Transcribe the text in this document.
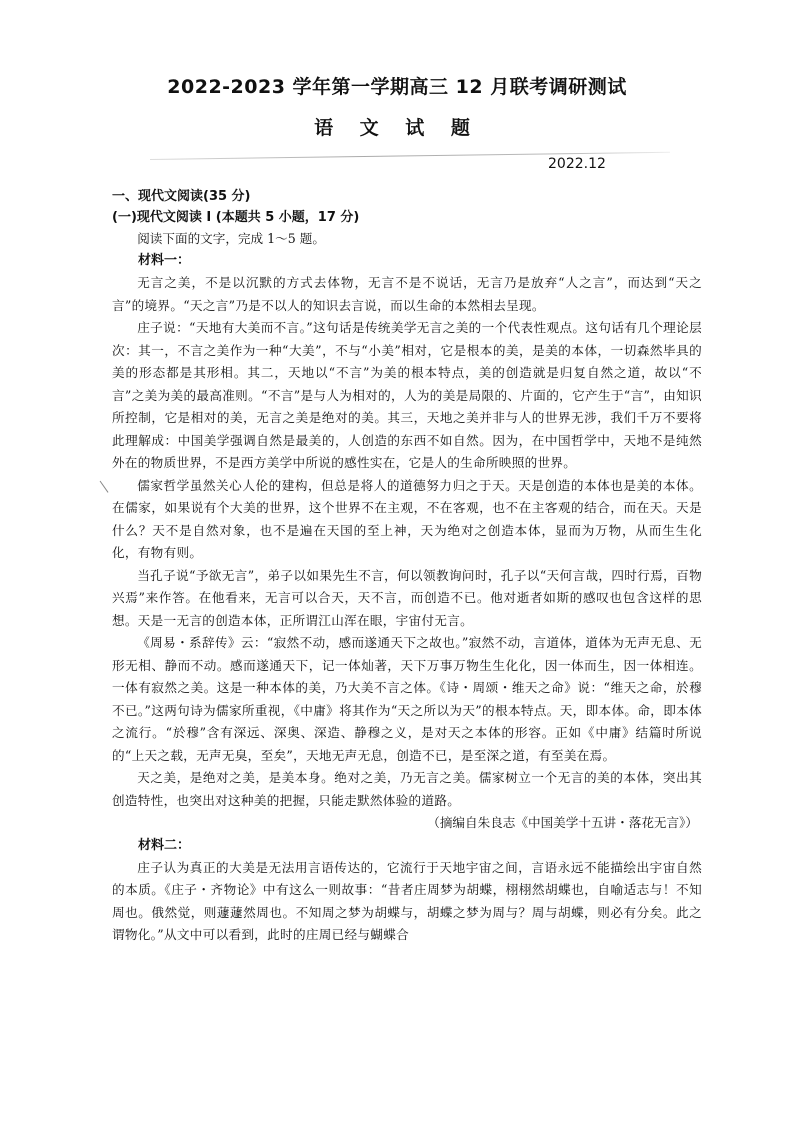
2022-2023 学年第一学期高三 12 月联考调研测试
语 文 试 题
2022.12

一、现代文阅读(35 分)

(一)现代文阅读 I (本题共 5 小题，17 分)

阅读下面的文字，完成 1～5 题。

材料一：

无言之美，不是以沉默的方式去体物，无言不是不说话，无言乃是放弃“人之言”，而达到“天之言”的境界。“天之言”乃是不以人的知识去言说，而以生命的本然相去呈现。

庄子说：“天地有大美而不言。”这句话是传统美学无言之美的一个代表性观点。这句话有几个理论层次：其一，不言之美作为一种“大美”，不与“小美”相对，它是根本的美，是美的本体，一切森然毕具的美的形态都是其形相。其二，天地以“不言”为美的根本特点，美的创造就是归复自然之道，故以“不言”之美为美的最高准则。“不言”是与人为相对的，人为的美是局限的、片面的，它产生于“言”，由知识所控制，它是相对的美，无言之美是绝对的美。其三，天地之美并非与人的世界无涉，我们千万不要将此理解成：中国美学强调自然是最美的，人创造的东西不如自然。因为，在中国哲学中，天地不是纯然外在的物质世界，不是西方美学中所说的感性实在，它是人的生命所映照的世界。

儒家哲学虽然关心人伦的建构，但总是将人的道德努力归之于天。天是创造的本体也是美的本体。在儒家，如果说有个大美的世界，这个世界不在主观，不在客观，也不在主客观的结合，而在天。天是什么？天不是自然对象，也不是遍在天国的至上神，天为绝对之创造本体，显而为万物，从而生生化化，有物有则。

当孔子说“予欲无言”，弟子以如果先生不言，何以领教询问时，孔子以“天何言哉，四时行焉，百物兴焉”来作答。在他看来，无言可以合天，天不言，而创造不已。他对逝者如斯的感叹也包含这样的思想。天是一无言的创造本体，正所谓江山浑在眼，宇宙付无言。

《周易・系辞传》云：“寂然不动，感而遂通天下之故也。”寂然不动，言道体，道体为无声无息、无形无相、静而不动。感而遂通天下，记一体灿著，天下万事万物生生化化，因一体而生，因一体相连。一体有寂然之美。这是一种本体的美，乃大美不言之体。《诗・周颂・维天之命》说：“维天之命，於穆不已。”这两句诗为儒家所重视，《中庸》将其作为“天之所以为天”的根本特点。天，即本体。命，即本体之流行。“於穆”含有深远、深奥、深造、静穆之义，是对天之本体的形容。正如《中庸》结篇时所说的“上天之载，无声无臭，至矣”，天地无声无息，创造不已，是至深之道，有至美在焉。

天之美，是绝对之美，是美本身。绝对之美，乃无言之美。儒家树立一个无言的美的本体，突出其创造特性，也突出对这种美的把握，只能走默然体验的道路。

（摘编自朱良志《中国美学十五讲・落花无言》）

材料二：

庄子认为真正的大美是无法用言语传达的，它流行于天地宇宙之间，言语永远不能描绘出宇宙自然的本质。《庄子・齐物论》中有这么一则故事：“昔者庄周梦为胡蝶，栩栩然胡蝶也，自喻适志与！不知周也。俄然觉，则蘧蘧然周也。不知周之梦为胡蝶与，胡蝶之梦为周与？周与胡蝶，则必有分矣。此之谓物化。”从文中可以看到，此时的庄周已经与蝴蝶合
